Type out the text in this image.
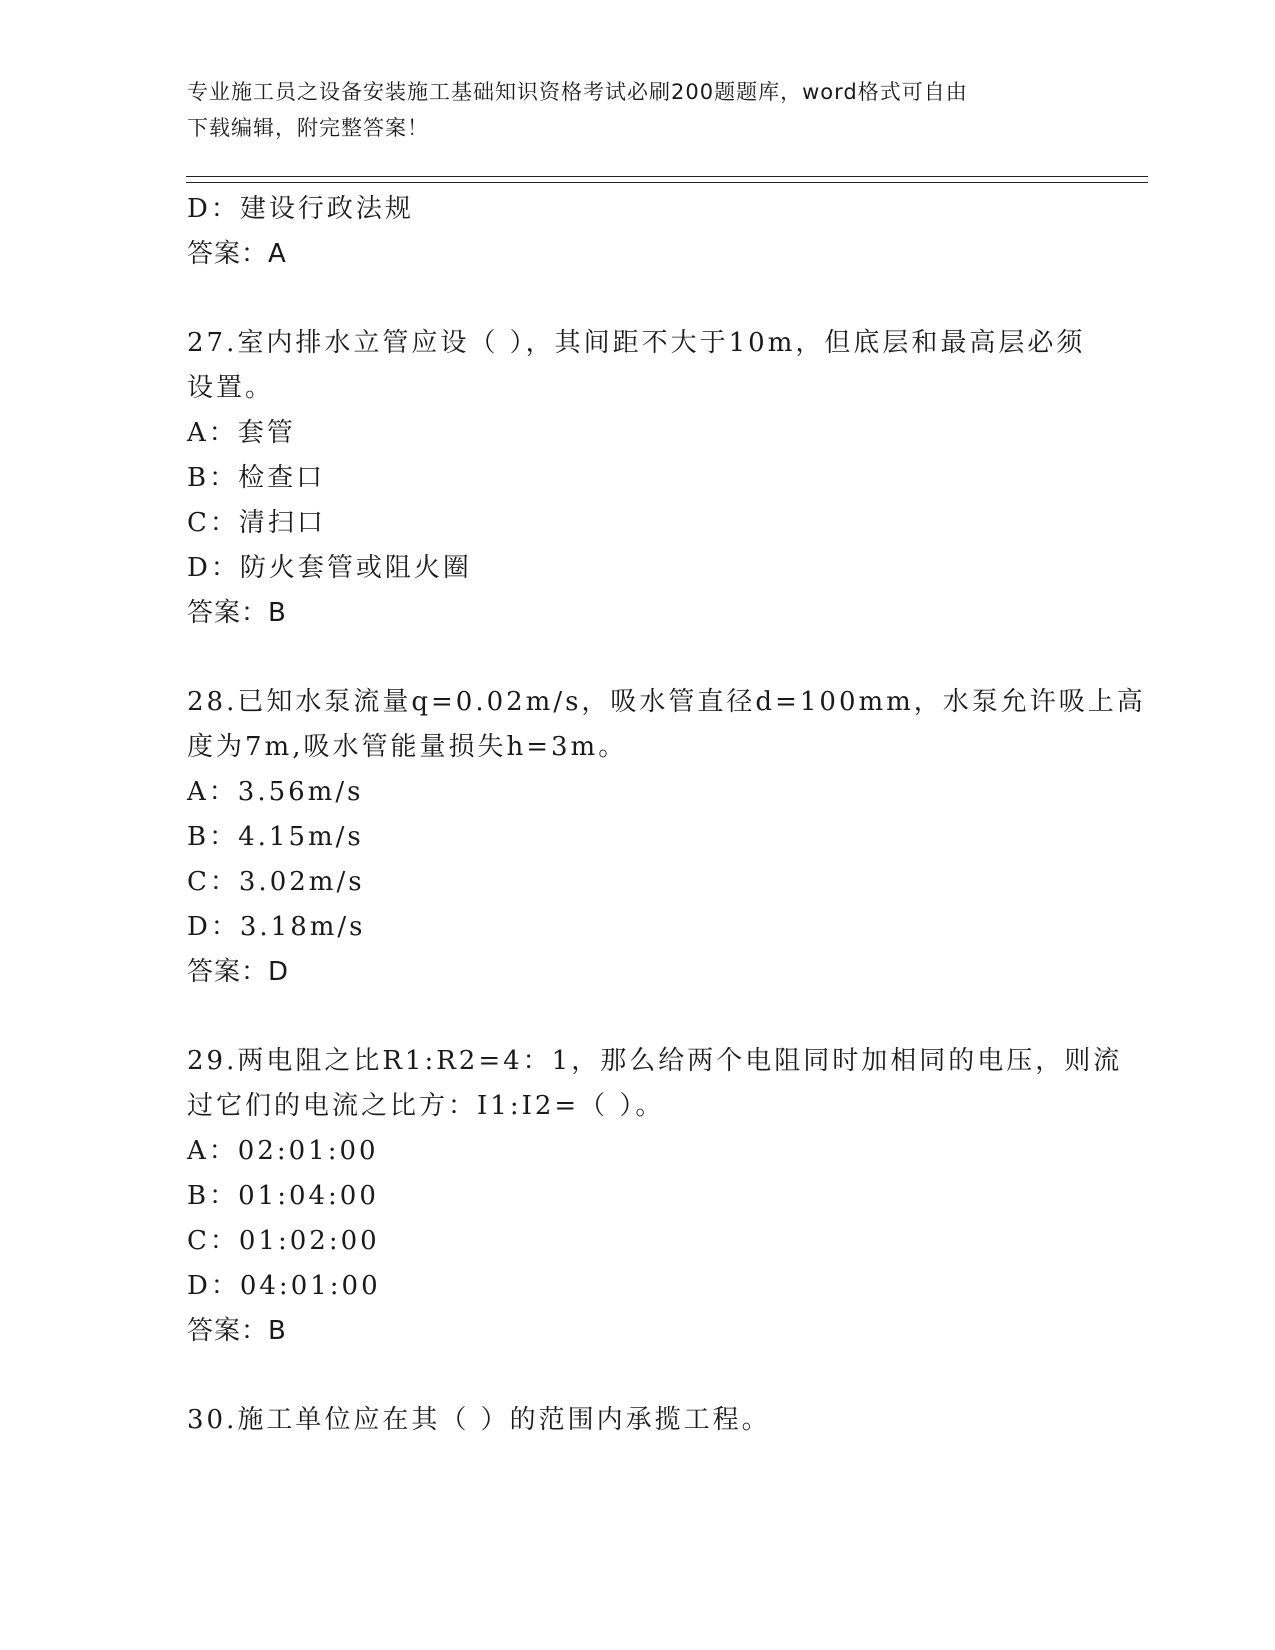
专业施工员之设备安装施工基础知识资格考试必刷200题题库，word格式可自由
下载编辑，附完整答案！
D：建设行政法规
答案：A
27.室内排水立管应设（ ），其间距不大于10m，但底层和最高层必须
设置。
A：套管
B：检查口
C：清扫口
D：防火套管或阻火圈
答案：B
28.已知水泵流量q=0.02m/s，吸水管直径d=100mm，水泵允许吸上高
度为7m,吸水管能量损失h=3m。
A：3.56m/s
B：4.15m/s
C：3.02m/s
D：3.18m/s
答案：D
29.两电阻之比R1:R2=4：1，那么给两个电阻同时加相同的电压，则流
过它们的电流之比方：I1:I2=（ ）。
A：02:01:00
B：01:04:00
C：01:02:00
D：04:01:00
答案：B
30.施工单位应在其（ ）的范围内承揽工程。
